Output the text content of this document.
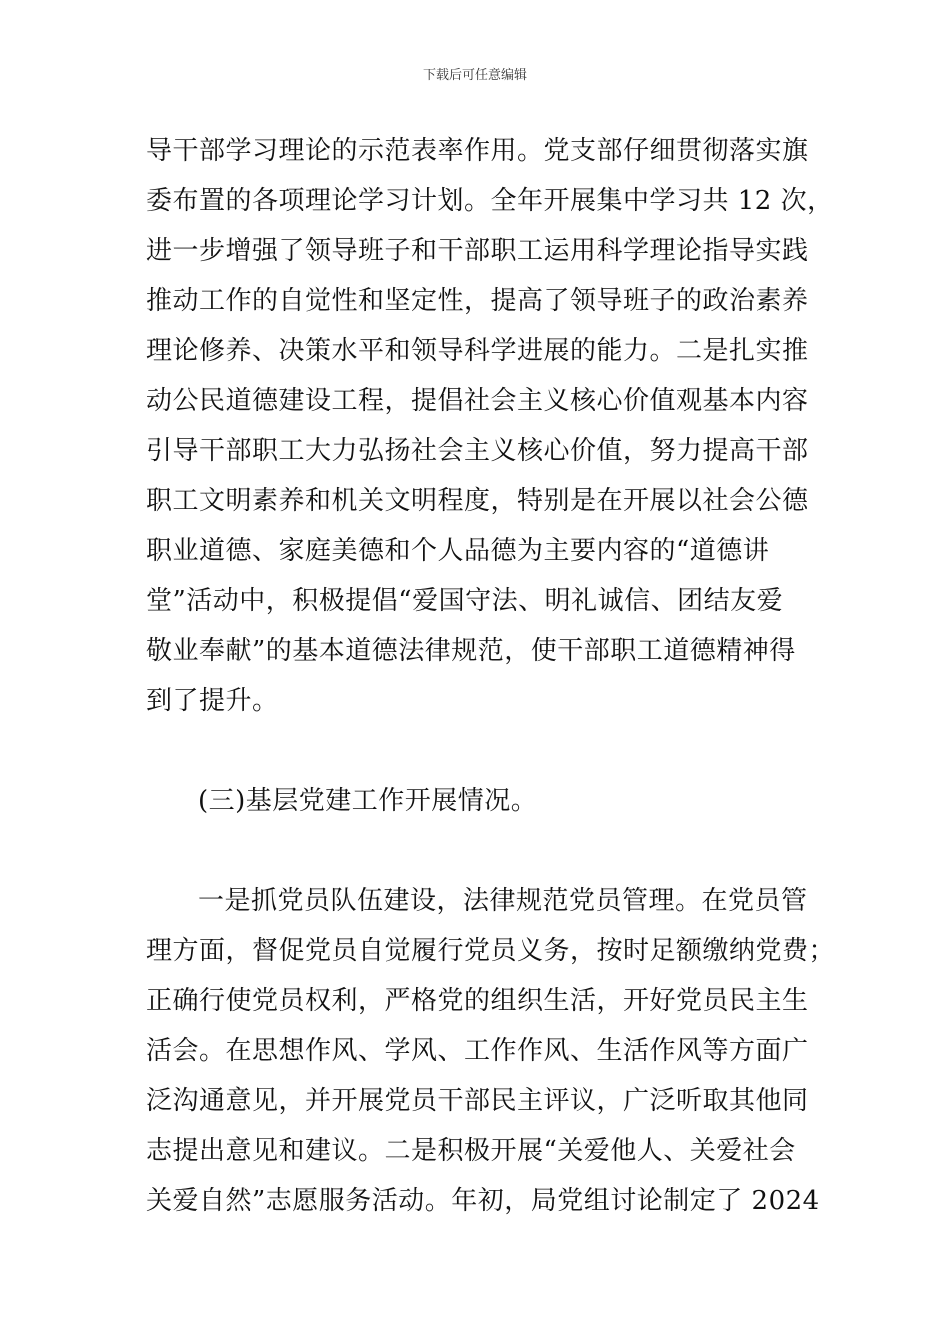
下载后可任意编辑
导干部学习理论的示范表率作用。党支部仔细贯彻落实旗
委布置的各项理论学习计划。全年开展集中学习共 12 次，
进一步增强了领导班子和干部职工运用科学理论指导实践
推动工作的自觉性和坚定性，提高了领导班子的政治素养
理论修养、决策水平和领导科学进展的能力。二是扎实推
动公民道德建设工程，提倡社会主义核心价值观基本内容
引导干部职工大力弘扬社会主义核心价值，努力提高干部
职工文明素养和机关文明程度，特别是在开展以社会公德
职业道德、家庭美德和个人品德为主要内容的“道德讲
堂”活动中，积极提倡“爱国守法、明礼诚信、团结友爱
敬业奉献”的基本道德法律规范，使干部职工道德精神得
到了提升。
(三)基层党建工作开展情况。
一是抓党员队伍建设，法律规范党员管理。在党员管
理方面，督促党员自觉履行党员义务，按时足额缴纳党费；
正确行使党员权利，严格党的组织生活，开好党员民主生
活会。在思想作风、学风、工作作风、生活作风等方面广
泛沟通意见，并开展党员干部民主评议，广泛听取其他同
志提出意见和建议。二是积极开展“关爱他人、关爱社会
关爱自然”志愿服务活动。年初，局党组讨论制定了 2024
